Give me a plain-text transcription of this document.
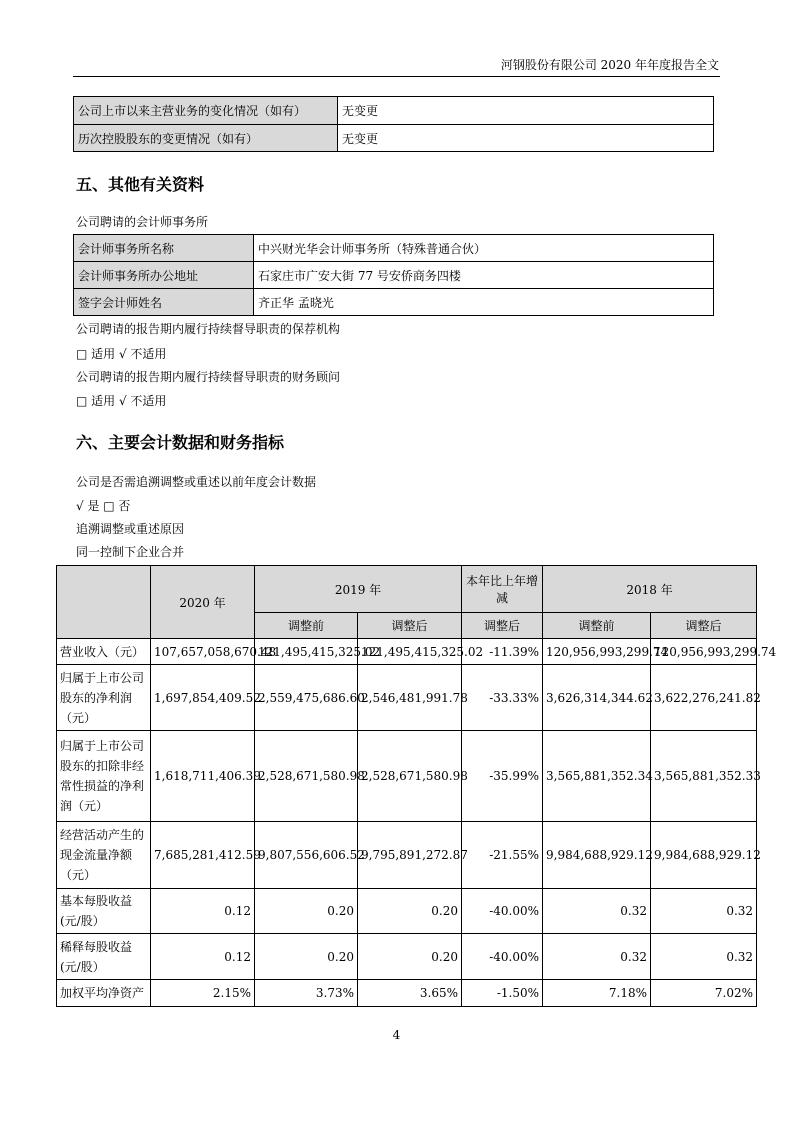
河钢股份有限公司 2020 年年度报告全文
公司上市以来主营业务的变化情况（如有）	无变更
历次控股股东的变更情况（如有）	无变更
五、其他有关资料
公司聘请的会计师事务所
会计师事务所名称	中兴财光华会计师事务所（特殊普通合伙）
会计师事务所办公地址	石家庄市广安大街 77 号安侨商务四楼
签字会计师姓名	齐正华 孟晓光
公司聘请的报告期内履行持续督导职责的保荐机构
□ 适用 √ 不适用
公司聘请的报告期内履行持续督导职责的财务顾问
□ 适用 √ 不适用
六、主要会计数据和财务指标
公司是否需追溯调整或重述以前年度会计数据
√ 是 □ 否
追溯调整或重述原因
同一控制下企业合并
	2020 年	2019 年		本年比上年增减	2018 年	
		调整前	调整后	调整后	调整前	调整后
营业收入（元）	107,657,058,670.48	121,495,415,325.02	121,495,415,325.02	-11.39%	120,956,993,299.74	120,956,993,299.74
归属于上市公司股东的净利润（元）	1,697,854,409.52	2,559,475,686.60	2,546,481,991.78	-33.33%	3,626,314,344.62	3,622,276,241.82
归属于上市公司股东的扣除非经常性损益的净利润（元）	1,618,711,406.39	2,528,671,580.98	2,528,671,580.98	-35.99%	3,565,881,352.34	3,565,881,352.33
经营活动产生的现金流量净额（元）	7,685,281,412.59	9,807,556,606.52	9,795,891,272.87	-21.55%	9,984,688,929.12	9,984,688,929.12
基本每股收益(元/股）	0.12	0.20	0.20	-40.00%	0.32	0.32
稀释每股收益(元/股）	0.12	0.20	0.20	-40.00%	0.32	0.32
加权平均净资产	2.15%	3.73%	3.65%	-1.50%	7.18%	7.02%
4
